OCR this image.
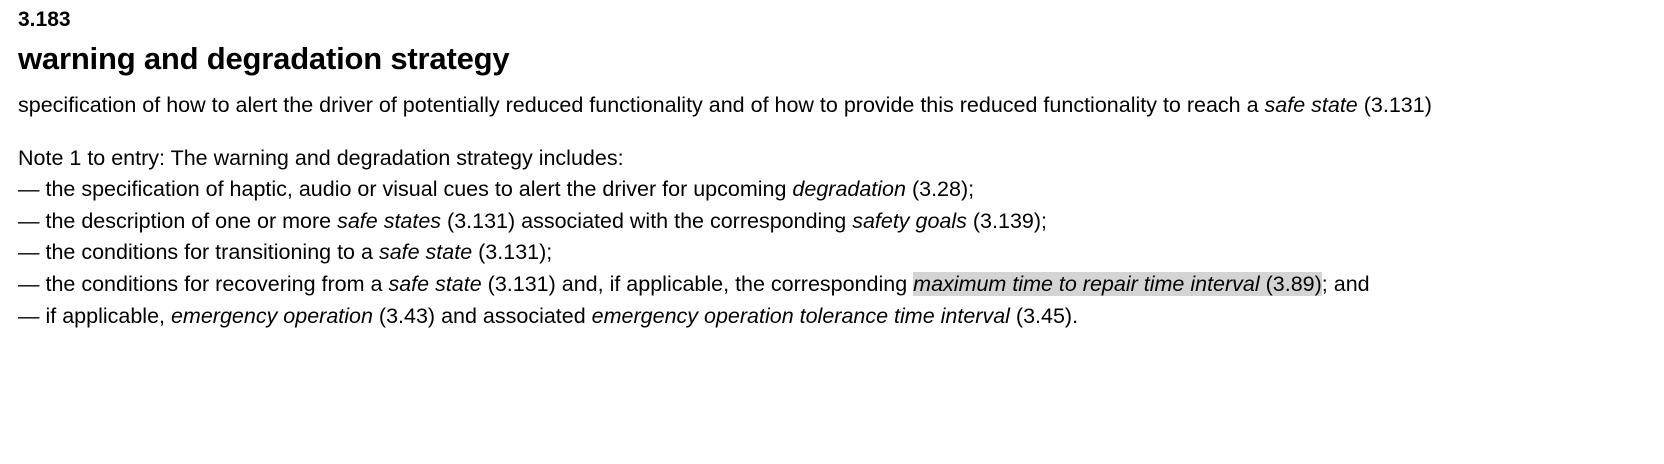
3.183
warning and degradation strategy

specification of how to alert the driver of potentially reduced functionality and of how to provide this reduced functionality to reach a safe state (3.131)

Note 1 to entry: The warning and degradation strategy includes:

— the specification of haptic, audio or visual cues to alert the driver for upcoming degradation (3.28);

— the description of one or more safe states (3.131) associated with the corresponding safety goals (3.139);

— the conditions for transitioning to a safe state (3.131);

— the conditions for recovering from a safe state (3.131) and, if applicable, the corresponding maximum time to repair time interval (3.89); and

— if applicable, emergency operation (3.43) and associated emergency operation tolerance time interval (3.45).
